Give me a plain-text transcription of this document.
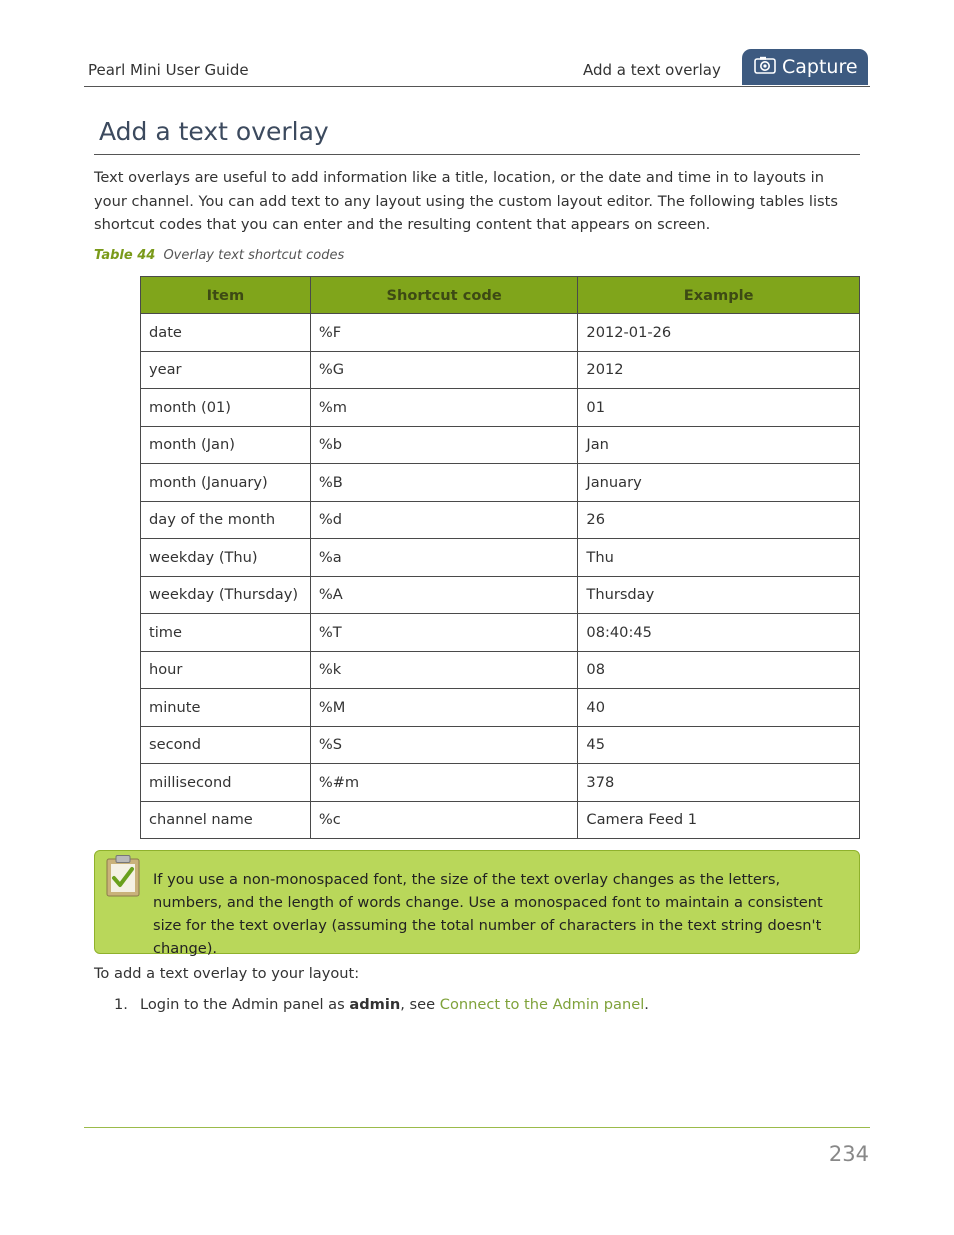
Pearl Mini User Guide	Add a text overlay	Capture
Add a text overlay

Text overlays are useful to add information like a title, location, or the date and time in to layouts in your channel. You can add text to any layout using the custom layout editor. The following tables lists shortcut codes that you can enter and the resulting content that appears on screen.

Table 44 Overlay text shortcut codes
Item	Shortcut code	Example
date	%F	2012-01-26
year	%G	2012
month (01)	%m	01
month (Jan)	%b	Jan
month (January)	%B	January
day of the month	%d	26
weekday (Thu)	%a	Thu
weekday (Thursday)	%A	Thursday
time	%T	08:40:45
hour	%k	08
minute	%M	40
second	%S	45
millisecond	%#m	378
channel name	%c	Camera Feed 1

If you use a non-monospaced font, the size of the text overlay changes as the letters, numbers, and the length of words change. Use a monospaced font to maintain a consistent size for the text overlay (assuming the total number of characters in the text string doesn't change).

To add a text overlay to your layout:

1. Login to the Admin panel as admin, see Connect to the Admin panel.

234
